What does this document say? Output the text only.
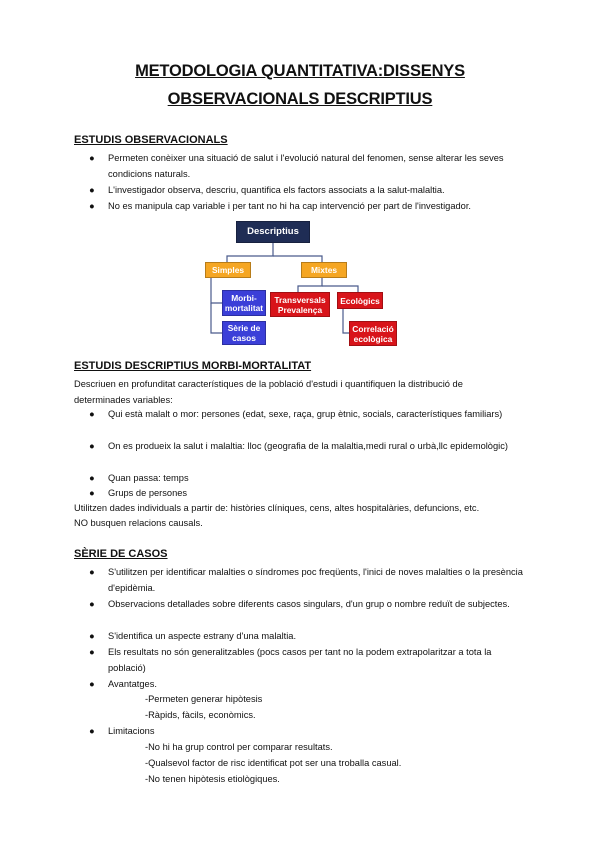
METODOLOGIA QUANTITATIVA:DISSENYS
OBSERVACIONALS DESCRIPTIUS
ESTUDIS OBSERVACIONALS
● Permeten conèixer una situació de salut i l'evolució natural del fenomen, sense alterar les seves condicions naturals.
● L'investigador observa, descriu, quantifica els factors associats a la salut-malaltia.
● No es manipula cap variable i per tant no hi ha cap intervenció per part de l'investigador.
Descriptius
Simples	Mixtes
Morbi-
mortalitat
Sèrie de
casos
Transversals
Prevalença
Ecològics
Correlació
ecològica
ESTUDIS DESCRIPTIUS MORBI-MORTALITAT
Descriuen en profunditat característiques de la població d'estudi i quantifiquen la distribució de
determinades variables:
● Qui està malalt o mor: persones (edat, sexe, raça, grup ètnic, socials, característiques familiars)
● On es produeix la salut i malaltia: lloc (geografia de la malaltia,medi rural o urbà,llc epidemològic)
● Quan passa: temps
● Grups de persones
Utilitzen dades individuals a partir de: històries clíniques, cens, altes hospitalàries, defuncions, etc.
NO busquen relacions causals.
SÈRIE DE CASOS
● S'utilitzen per identificar malalties o síndromes poc freqüents, l'inici de noves malalties o la presència d'epidèmia.
● Observacions detallades sobre diferents casos singulars, d'un grup o nombre reduït de subjectes.
● S'identifica un aspecte estrany d'una malaltia.
● Els resultats no són generalitzables (pocs casos per tant no la podem extrapolaritzar a tota la població)
● Avantatges.
-Permeten generar hipòtesis
-Ràpids, fàcils, econòmics.
● Limitacions
-No hi ha grup control per comparar resultats.
-Qualsevol factor de risc identificat pot ser una troballa casual.
-No tenen hipòtesis etiològiques.
